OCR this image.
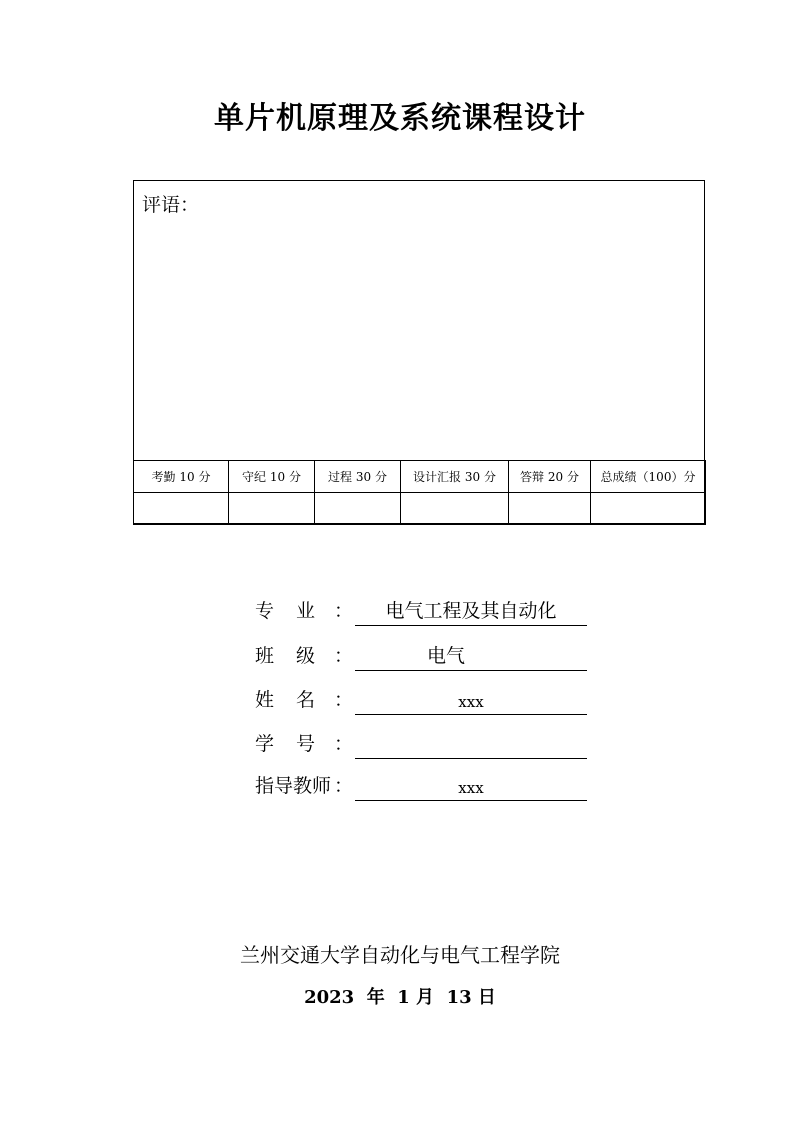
单片机原理及系统课程设计
评语：
考勤 10 分	守纪 10 分	过程 30 分	设计汇报 30 分	答辩 20 分	总成绩（100）分

专 业 ：	电气工程及其自动化
班 级 ：	电气
姓 名 ：	xxx
学 号 ：
指导教师 ：	xxx
兰州交通大学自动化与电气工程学院
2023  年  1 月  13 日
